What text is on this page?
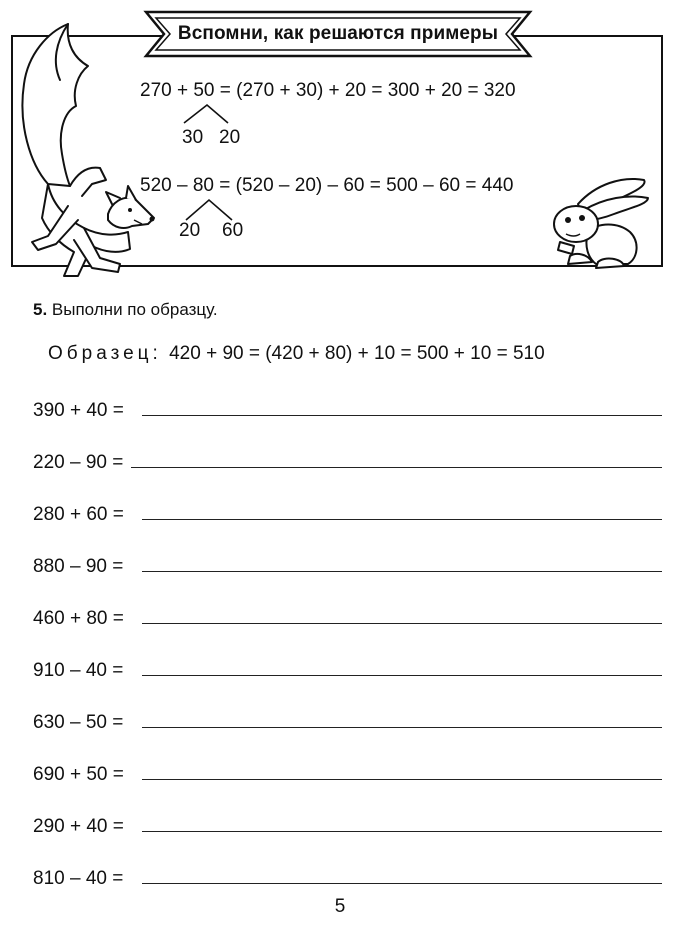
Вспомни, как решаются примеры
270 + 50 = (270 + 30) + 20 = 300 + 20 = 320
30 20
520 – 80 = (520 – 20) – 60 = 500 – 60 = 440
20 60
5. Выполни по образцу.
Образец: 420 + 90 = (420 + 80) + 10 = 500 + 10 = 510
390 + 40 =
220 – 90 =
280 + 60 =
880 – 90 =
460 + 80 =
910 – 40 =
630 – 50 =
690 + 50 =
290 + 40 =
810 – 40 =
5
